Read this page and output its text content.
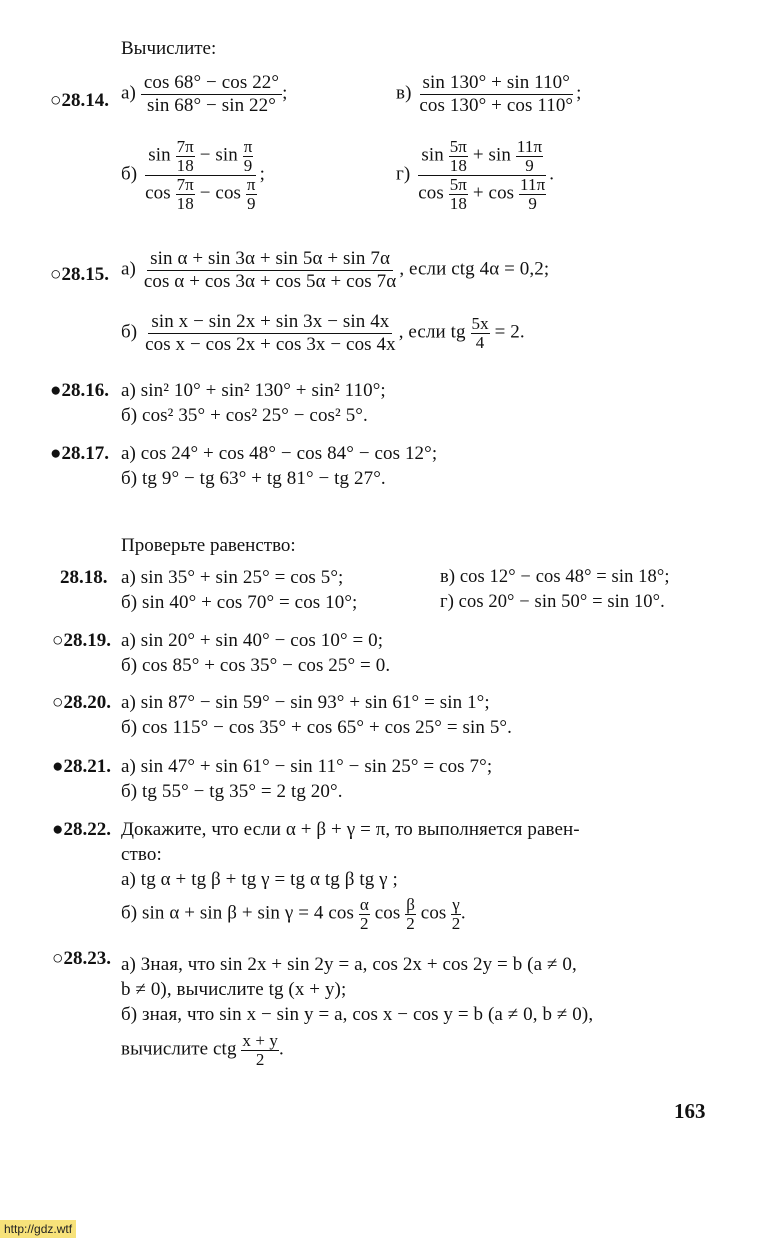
Вычислите:
○28.14. $а) \frac{\cos 68^\circ - \cos 22^\circ}{\sin 68^\circ - \sin 22^\circ}$ ;	$в) \frac{\sin 130^\circ + \sin 110^\circ}{\cos 130^\circ + \cos 110^\circ}$ ;
$б) \frac{\sin \frac{7\pi}{18} - \sin \frac{\pi}{9}}{\cos \frac{7\pi}{18} - \cos \frac{\pi}{9}}$ ;	$г) \frac{\sin \frac{5\pi}{18} + \sin \frac{11\pi}{9}}{\cos \frac{5\pi}{18} + \cos \frac{11\pi}{9}}$ .
○28.15. $а) \frac{\text{sin α + sin 3α + sin 5α + sin 7α}}{\text{cos α + cos 3α + cos 5α + cos 7α}}$ , если ctg 4α = 0,2;
$б) \frac{\text{sin x − sin 2x + sin 3x − sin 4x}}{\text{cos x − cos 2x + cos 3x − cos 4x}}$ , если tg $\frac{5x}{4} = 2$.
●28.16. а) sin² 10° + sin² 130° + sin² 110°;
б) cos² 35° + cos² 25° − cos² 5°.
●28.17. а) cos 24° + cos 48° − cos 84° − cos 12°;
б) tg 9° − tg 63° + tg 81° − tg 27°.
Проверьте равенство:
28.18. а) sin 35° + sin 25° = cos 5°;	в) cos 12° − cos 48° = sin 18°;
б) sin 40° + cos 70° = cos 10°;	г) cos 20° − sin 50° = sin 10°.
○28.19. а) sin 20° + sin 40° − cos 10° = 0;
б) cos 85° + cos 35° − cos 25° = 0.
○28.20. а) sin 87° − sin 59° − sin 93° + sin 61° = sin 1°;
б) cos 115° − cos 35° + cos 65° + cos 25° = sin 5°.
●28.21. а) sin 47° + sin 61° − sin 11° − sin 25° = cos 7°;
б) tg 55° − tg 35° = 2 tg 20°.
●28.22. Докажите, что если α + β + γ = π, то выполняется равен-
ство:
а) tg α + tg β + tg γ = tg α tg β tg γ ;
б) sin α + sin β + sin γ = 4 $\cos \frac{\alpha}{2}$ $\cos \frac{\beta}{2}$ $\cos \frac{\gamma}{2}$ .
○28.23. а) Зная, что sin 2x + sin 2y = a, cos 2x + cos 2y = b (a ≠ 0,
b ≠ 0), вычислите tg (x + y);
б) зная, что sin x − sin y = a, cos x − cos y = b (a ≠ 0, b ≠ 0),
вычислите ctg $\frac{x + y}{2}$ .
163
http://gdz.wtf
